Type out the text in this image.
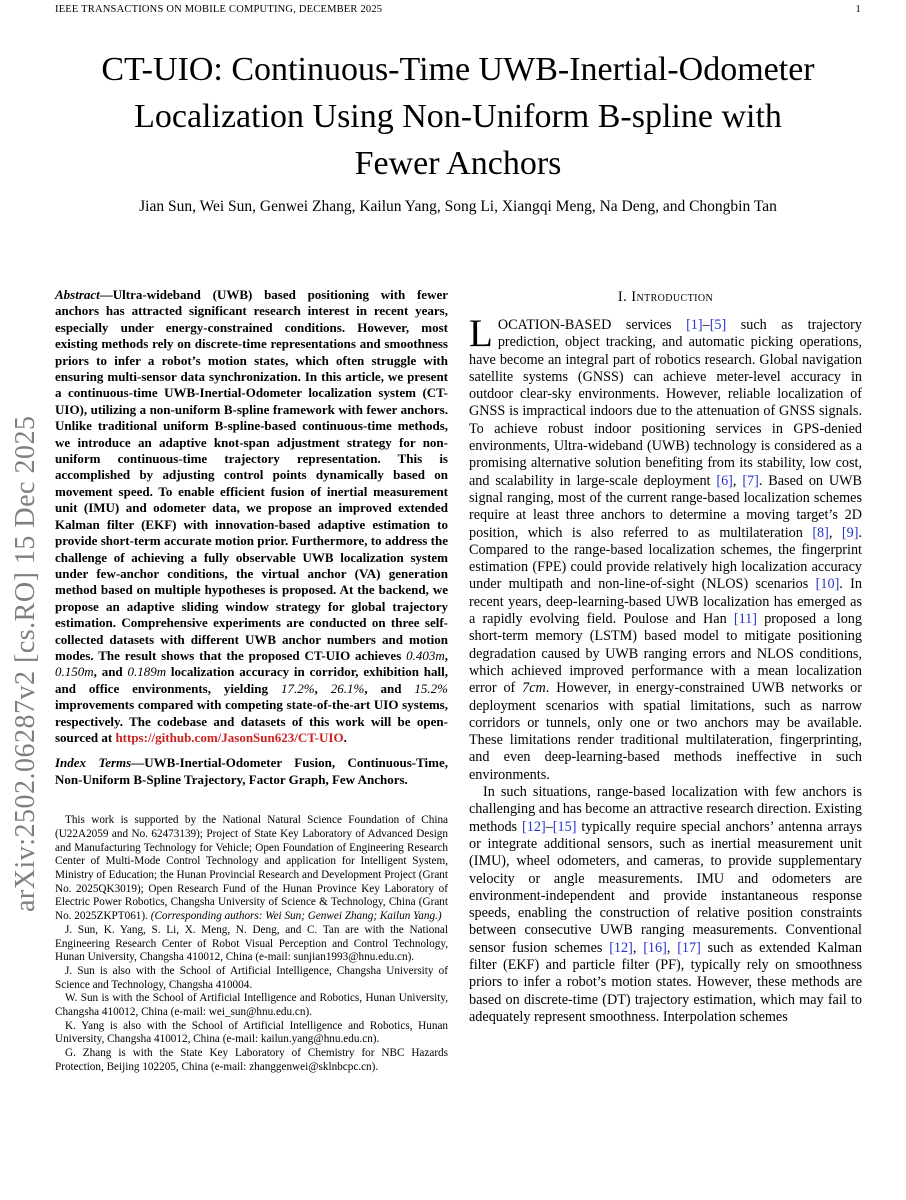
IEEE TRANSACTIONS ON MOBILE COMPUTING, DECEMBER 2025	1
arXiv:2502.06287v2 [cs.RO] 15 Dec 2025
CT-UIO: Continuous-Time UWB-Inertial-Odometer
Localization Using Non-Uniform B-spline with
Fewer Anchors
Jian Sun, Wei Sun, Genwei Zhang, Kailun Yang, Song Li, Xiangqi Meng, Na Deng, and Chongbin Tan

Abstract—Ultra-wideband (UWB) based positioning with fewer anchors has attracted significant research interest in recent years, especially under energy-constrained conditions. However, most existing methods rely on discrete-time representations and smoothness priors to infer a robot’s motion states, which often struggle with ensuring multi-sensor data synchronization. In this article, we present a continuous-time UWB-Inertial-Odometer localization system (CT-UIO), utilizing a non-uniform B-spline framework with fewer anchors. Unlike traditional uniform B-spline-based continuous-time methods, we introduce an adaptive knot-span adjustment strategy for non-uniform continuous-time trajectory representation. This is accomplished by adjusting control points dynamically based on movement speed. To enable efficient fusion of inertial measurement unit (IMU) and odometer data, we propose an improved extended Kalman filter (EKF) with innovation-based adaptive estimation to provide short-term accurate motion prior. Furthermore, to address the challenge of achieving a fully observable UWB localization system under few-anchor conditions, the virtual anchor (VA) generation method based on multiple hypotheses is proposed. At the backend, we propose an adaptive sliding window strategy for global trajectory estimation. Comprehensive experiments are conducted on three self-collected datasets with different UWB anchor numbers and motion modes. The result shows that the proposed CT-UIO achieves 0.403m, 0.150m, and 0.189m localization accuracy in corridor, exhibition hall, and office environments, yielding 17.2%, 26.1%, and 15.2% improvements compared with competing state-of-the-art UIO systems, respectively. The codebase and datasets of this work will be open-sourced at https://github.com/JasonSun623/CT-UIO.

Index Terms—UWB-Inertial-Odometer Fusion, Continuous-Time, Non-Uniform B-Spline Trajectory, Factor Graph, Few Anchors.

This work is supported by the National Natural Science Foundation of China (U22A2059 and No. 62473139); Project of State Key Laboratory of Advanced Design and Manufacturing Technology for Vehicle; Open Foundation of Engineering Research Center of Multi-Mode Control Technology and application for Intelligent System, Ministry of Education; the Hunan Provincial Research and Development Project (Grant No. 2025QK3019); Open Research Fund of the Hunan Province Key Laboratory of Electric Power Robotics, Changsha University of Science & Technology, China (Grant No. 2025ZKPT061). (Corresponding authors: Wei Sun; Genwei Zhang; Kailun Yang.)

J. Sun, K. Yang, S. Li, X. Meng, N. Deng, and C. Tan are with the National Engineering Research Center of Robot Visual Perception and Control Technology, Hunan University, Changsha 410012, China (e-mail: sunjian1993@hnu.edu.cn).

J. Sun is also with the School of Artificial Intelligence, Changsha University of Science and Technology, Changsha 410004.

W. Sun is with the School of Artificial Intelligence and Robotics, Hunan University, Changsha 410012, China (e-mail: wei_sun@hnu.edu.cn).

K. Yang is also with the School of Artificial Intelligence and Robotics, Hunan University, Changsha 410012, China (e-mail: kailun.yang@hnu.edu.cn).

G. Zhang is with the State Key Laboratory of Chemistry for NBC Hazards Protection, Beijing 102205, China (e-mail: zhanggenwei@sklnbcpc.cn).

I. Introduction

LOCATION-BASED services [1]–[5] such as trajectory prediction, object tracking, and automatic picking operations, have become an integral part of robotics research. Global navigation satellite systems (GNSS) can achieve meter-level accuracy in outdoor clear-sky environments. However, reliable localization of GNSS is impractical indoors due to the attenuation of GNSS signals. To achieve robust indoor positioning services in GPS-denied environments, Ultra-wideband (UWB) technology is considered as a promising alternative solution benefiting from its stability, low cost, and scalability in large-scale deployment [6], [7]. Based on UWB signal ranging, most of the current range-based localization schemes require at least three anchors to determine a moving target’s 2D position, which is also referred to as multilateration [8], [9]. Compared to the range-based localization schemes, the fingerprint estimation (FPE) could provide relatively high localization accuracy under multipath and non-line-of-sight (NLOS) scenarios [10]. In recent years, deep-learning-based UWB localization has emerged as a rapidly evolving field. Poulose and Han [11] proposed a long short-term memory (LSTM) based model to mitigate positioning degradation caused by UWB ranging errors and NLOS conditions, which achieved improved performance with a mean localization error of 7cm. However, in energy-constrained UWB networks or deployment scenarios with spatial limitations, such as narrow corridors or tunnels, only one or two anchors may be available. These limitations render traditional multilateration, fingerprinting, and even deep-learning-based methods ineffective in such environments.

In such situations, range-based localization with few anchors is challenging and has become an attractive research direction. Existing methods [12]–[15] typically require special anchors’ antenna arrays or integrate additional sensors, such as inertial measurement unit (IMU), wheel odometers, and cameras, to provide supplementary velocity or angle measurements. IMU and odometers are environment-independent and provide instantaneous response speeds, enabling the construction of relative position constraints between consecutive UWB ranging measurements. Conventional sensor fusion schemes [12], [16], [17] such as extended Kalman filter (EKF) and particle filter (PF), typically rely on smoothness priors to infer a robot’s motion states. However, these methods are based on discrete-time (DT) trajectory estimation, which may fail to adequately represent smoothness. Interpolation schemes
